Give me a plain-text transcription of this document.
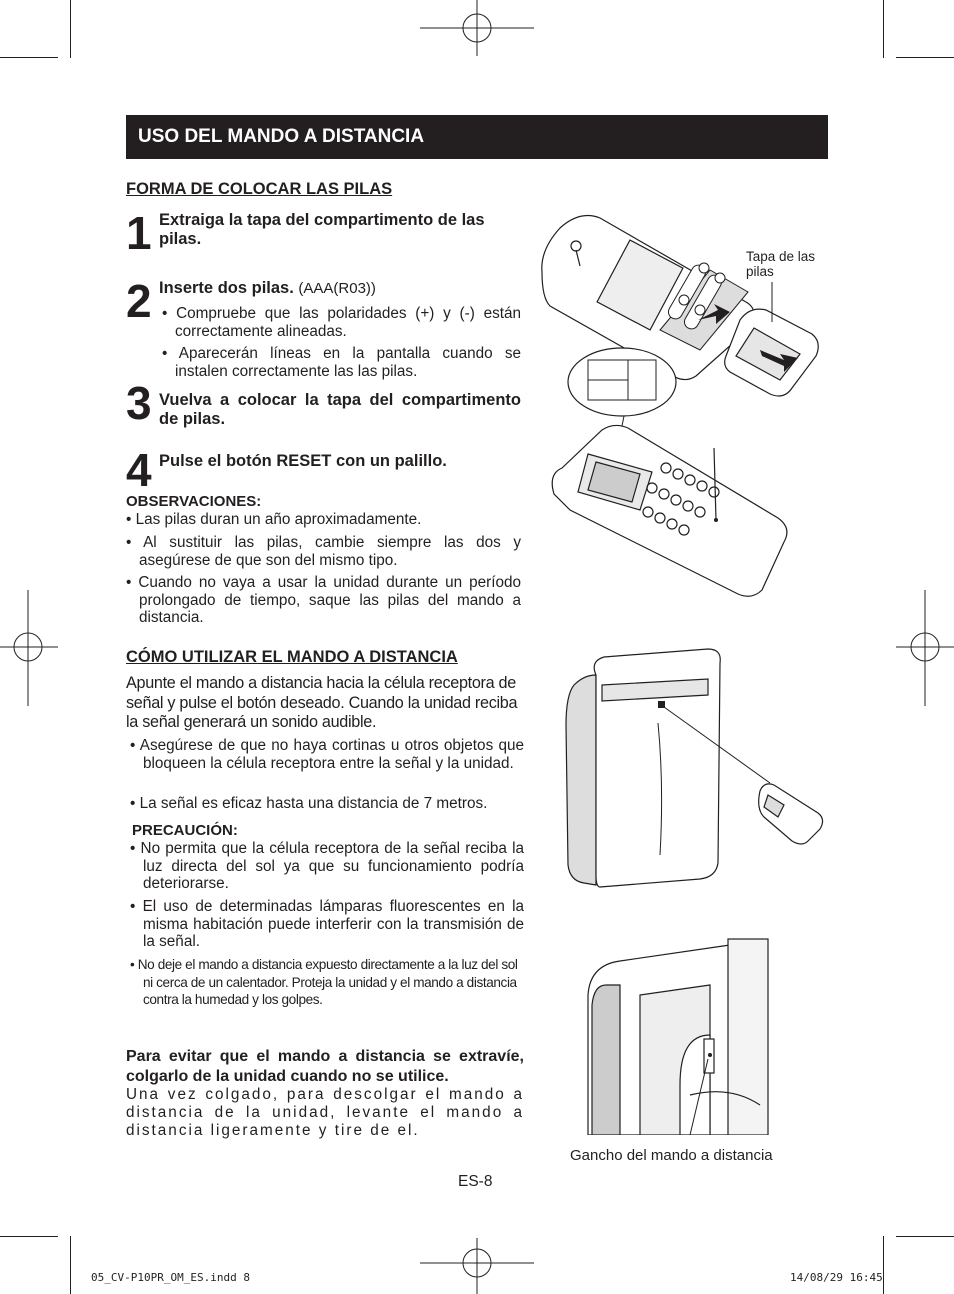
USO DEL MANDO A DISTANCIA
FORMA DE COLOCAR LAS PILAS
1 Extraiga la tapa del compartimento de las pilas.
2 Inserte dos pilas. (AAA(R03))
• Compruebe que las polaridades (+) y (-) están correctamente alineadas.
• Aparecerán líneas en la pantalla cuando se instalen correctamente las las pilas.
3 Vuelva a colocar la tapa del compartimento de pilas.
4 Pulse el botón RESET con un palillo.
OBSERVACIONES:
• Las pilas duran un año aproximadamente.
• Al sustituir las pilas, cambie siempre las dos y asegúrese de que son del mismo tipo.
• Cuando no vaya a usar la unidad durante un período prolongado de tiempo, saque las pilas del mando a distancia.
CÓMO UTILIZAR EL MANDO A DISTANCIA
Apunte el mando a distancia hacia la célula receptora de señal y pulse el botón deseado. Cuando la unidad reciba la señal generará un sonido audible.
• Asegúrese de que no haya cortinas u otros objetos que bloqueen la célula receptora entre la señal y la unidad.
• La señal es eficaz hasta una distancia de 7 metros.
PRECAUCIÓN:
• No permita que la célula receptora de la señal reciba la luz directa del sol ya que su funcionamiento podría deteriorarse.
• El uso de determinadas lámparas fluorescentes en la misma habitación puede interferir con la transmisión de la señal.
• No deje el mando a distancia expuesto directamente a la luz del sol ni cerca de un calentador. Proteja la unidad y el mando a distancia contra la humedad y los golpes.
Para evitar que el mando a distancia se extravíe, colgarlo de la unidad cuando no se utilice.
Una vez colgado, para descolgar el mando a distancia de la unidad, levante el mando a distancia ligeramente y tire de el.
Tapa de las pilas
Gancho del mando a distancia
ES-8
05_CV-P10PR_OM_ES.indd 8	14/08/29 16:45
